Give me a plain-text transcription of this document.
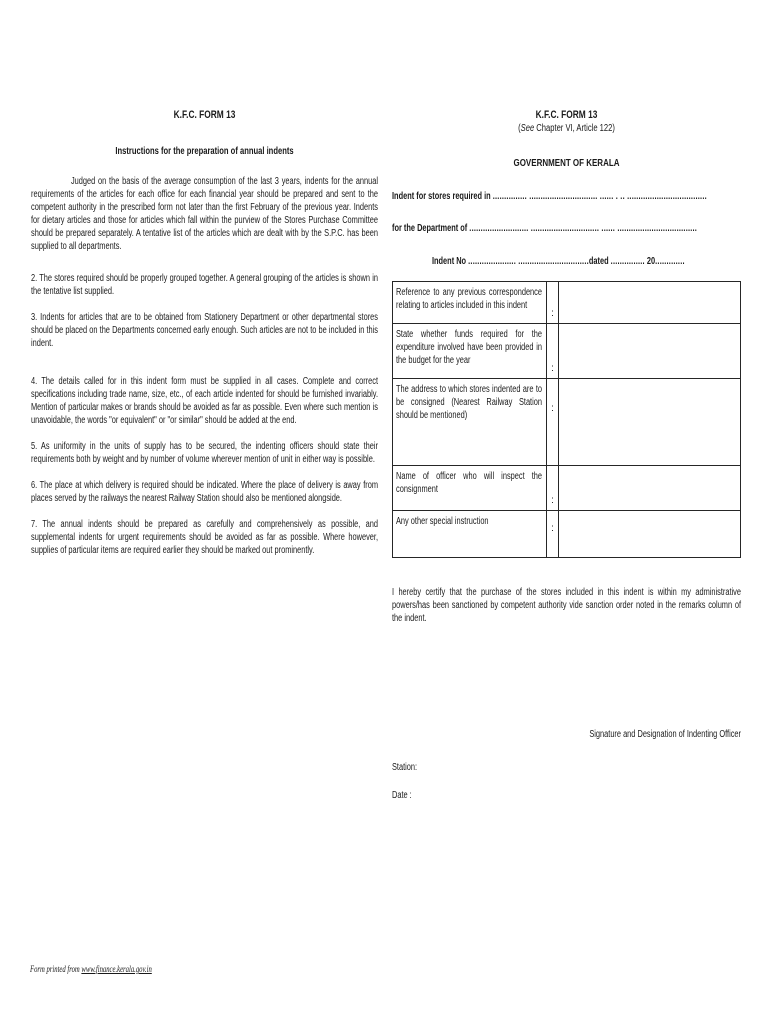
K.F.C. FORM 13
Instructions for the preparation of annual indents

Judged on the basis of the average consumption of the last 3 years, indents for the annual requirements of the articles for each office for each financial year should be prepared and sent to the competent authority in the prescribed form not later than the first February of the previous year. Indents for dietary articles and those for articles which fall within the purview of the Stores Purchase Committee should be prepared separately. A tentative list of the articles which are dealt with by the S.P.C. has been supplied to all departments.

2. The stores required should be properly grouped together. A general grouping of the articles is shown in the tentative list supplied.

3. Indents for articles that are to be obtained from Stationery Department or other departmental stores should be placed on the Departments concerned early enough. Such articles are not to be included in this indent.

4. The details called for in this indent form must be supplied in all cases. Complete and correct specifications including trade name, size, etc., of each article indented for should be furnished invariably. Mention of particular makes or brands should be avoided as far as possible. Even where such mention is unavoidable, the words "or equivalent" or "or similar" should be added at the end.

5. As uniformity in the units of supply has to be secured, the indenting officers should state their requirements both by weight and by number of volume wherever mention of unit in either way is possible.

6. The place at which delivery is required should be indicated. Where the place of delivery is away from places served by the railways the nearest Railway Station should also be mentioned alongside.

7. The annual indents should be prepared as carefully and comprehensively as possible, and supplemental indents for urgent requirements should be avoided as far as possible. Where however, supplies of particular items are required earlier they should be marked out prominently.

K.F.C. FORM 13
(See Chapter VI, Article 122)
GOVERNMENT OF KERALA
Indent for stores required in ............... .............................. ...... . .. ...................................
for the Department of .......................... .............................. ...... ...................................
Indent No ..................... ...............................dated ............... 20.............
Reference to any previous correspondence relating to articles included in this indent
:
State whether funds required for the expenditure involved have been provided in the budget for the year
:
The address to which stores indented are to be consigned (Nearest Railway Station should be mentioned)
:
Name of officer who will inspect the consignment
:
Any other special instruction
:

I hereby certify that the purchase of the stores included in this indent is within my administrative powers/has been sanctioned by competent authority vide sanction order noted in the remarks column of the indent.

Signature and Designation of Indenting Officer
Station:
Date :
Form printed from www.finance.kerala.gov.in
